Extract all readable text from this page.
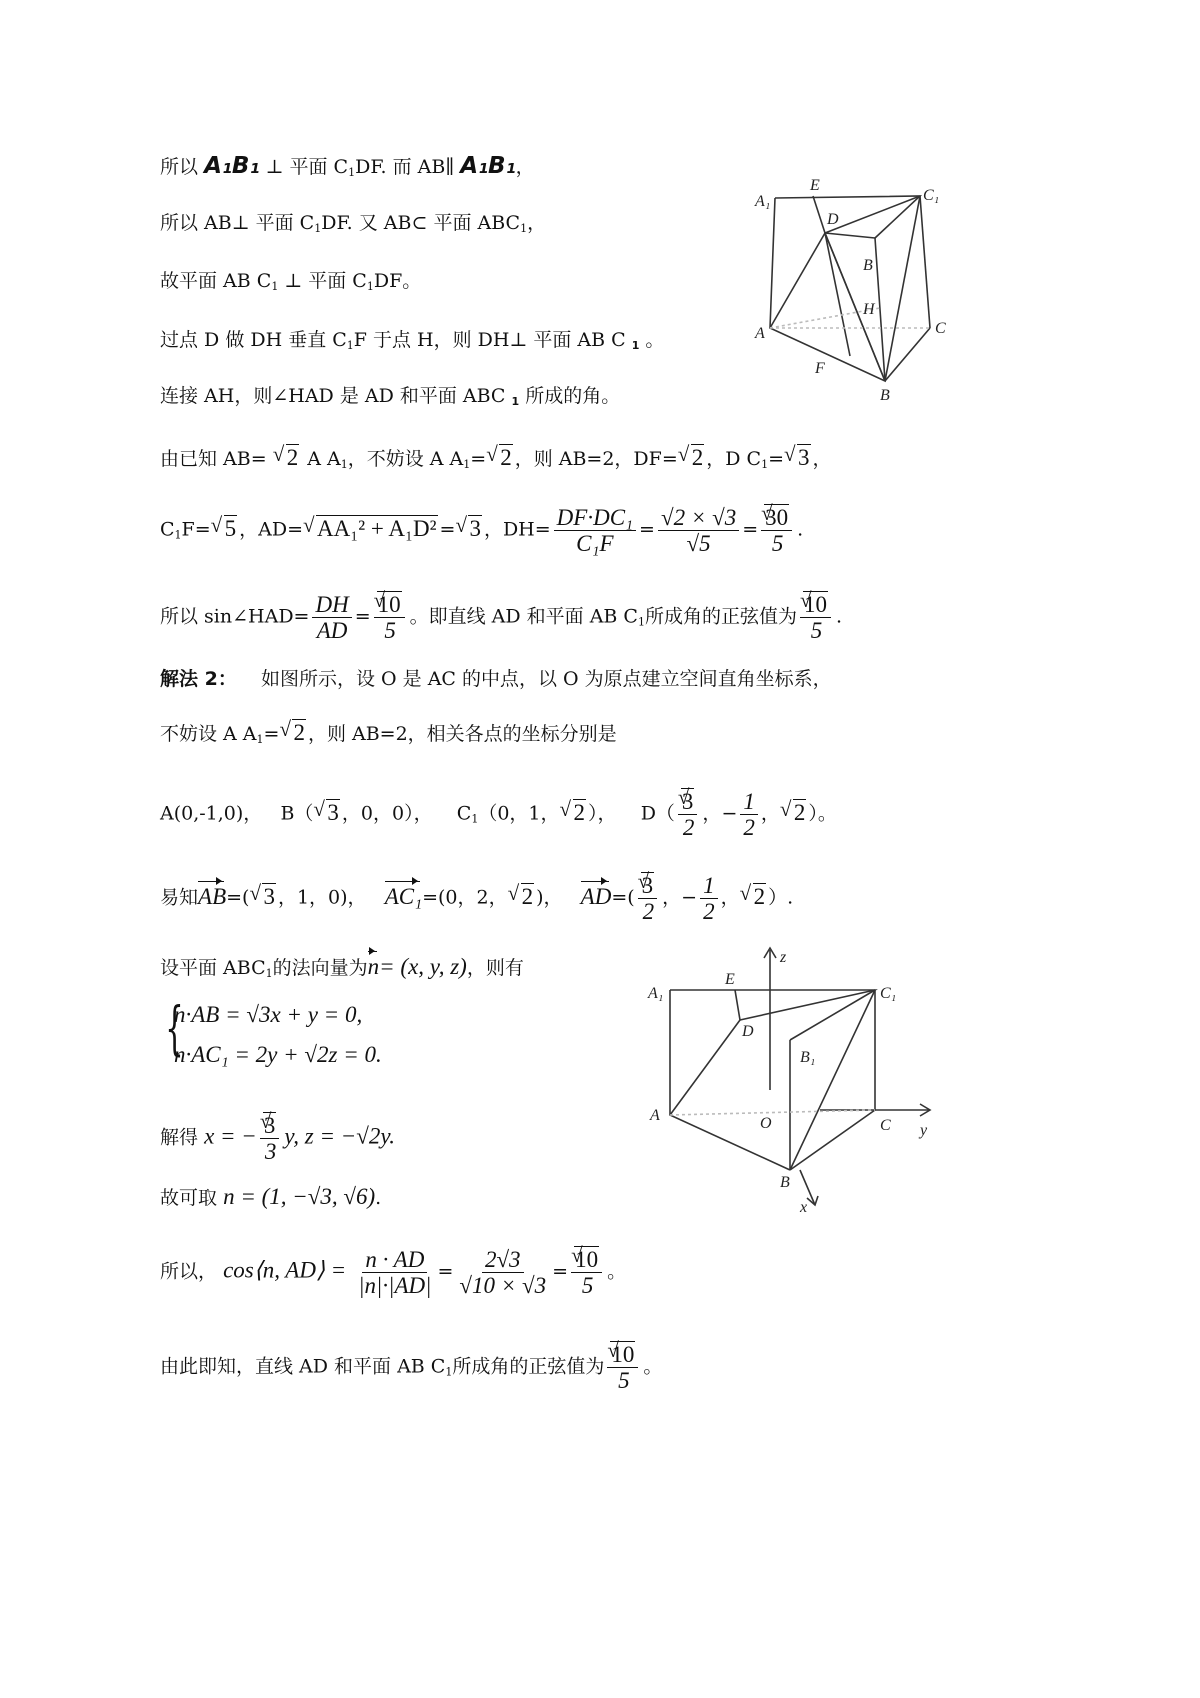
所以 A₁B₁ ⊥ 平面 $C_1DF$. 而 AB∥ A₁B₁，
所以 AB⊥ 平面 $C_1DF$. 又 AB⊂ 平面 $ABC_1$，
故平面 AB $C_1$ ⊥ 平面 $C_1DF$。
过点 D 做 DH 垂直 $C_1F$ 于点 H，则 DH⊥ 平面 AB C $_1$ 。
连接 AH，则∠HAD 是 AD 和平面 ABC $_1$ 所成的角。
由已知 AB= √ 2 A $A_1$，不妨设 A $A_1=√$ 2 ，则 AB=2，DF=√ 2 ，D $C_1=√$ 3 ，
$C_1F=√$ 5 ，AD=√ AA₁² + A₁D² =√ 3 ，$DH= \frac{\text{DF·DC₁}}{\text{C₁F}} = \frac{√2 \times √3}{√5}$ =
√ $\frac{30}{5}$ .
所以 sin∠HAD= $\frac{DH}{AD}$ =
√ $\frac{10}{5}$ 。即直线 AD 和平面 AB $C_1$所成角的正弦值为
√ $\frac{10}{5}$ .
解法 2： 如图所示，设 O 是 AC 的中点，以 O 为原点建立空间直角坐标系，
不妨设 A $A_1=√$ 2 ，则 AB=2，相关各点的坐标分别是
A(0,-1,0)， B（√ 3 ，0，0）， $C_1(0$，1，√ 2 ）， D（
√ $\frac{3}{2}$ ，− $\frac{1}{2}$ ，√ 2 ）。
易知AB=(√ 3 ，1，0)， AC₁=(0，2，√ 2 )， AD=(
√ $\frac{3}{2}$ ，− $\frac{1}{2}$ ，√ 2 ）.
设平面 $ABC_1$的法向量为n= (x, y, z)，则有
{
n·AB = √3x + y = 0,
n·AC₁ = 2y + √2z = 0.
解得 x = −
√ $\frac{3}{3} y$, z = −√2y.
故可取 n = (1, −√3, √6).
所以， cos⟨n, AD⟩ = $\frac{n \cdot AD}{|n|\cdot|AD|} = \frac{2√3}{√10 \times √3}$ =
√ $\frac{10}{5}$ 。
由此即知，直线 AD 和平面 AB $C_1$所成角的正弦值为
√ $\frac{10}{5}$ 。
A₁
E
D
C₁
B
H
A	C
F
B
z
A₁
E
D
C₁
B₁
A	O	C y
B
x
